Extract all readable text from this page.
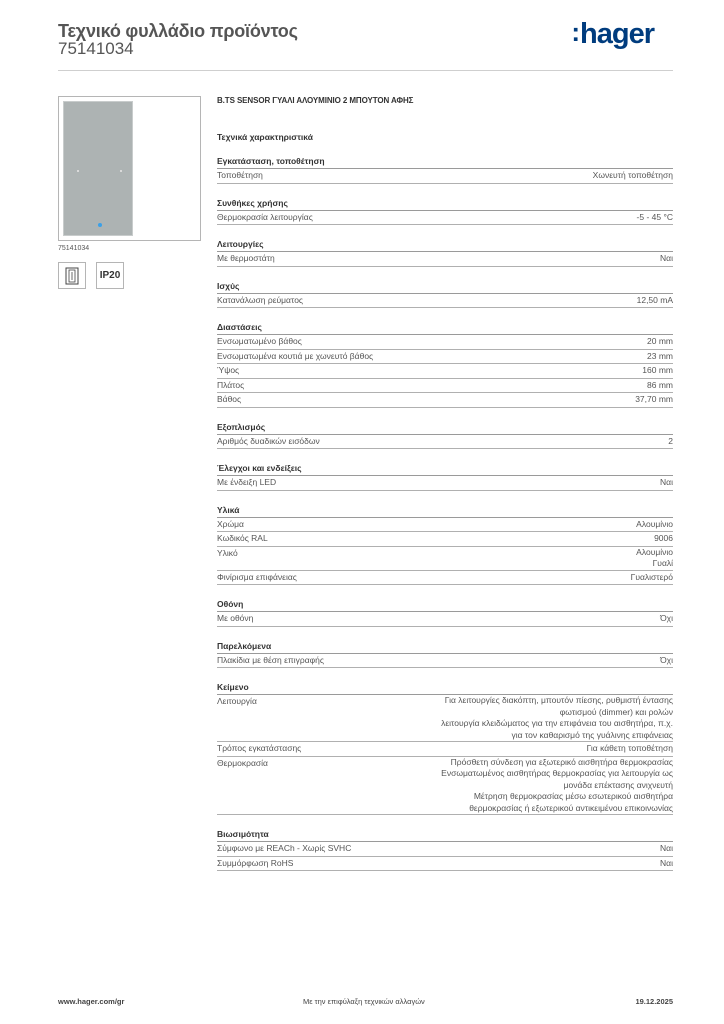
Τεχνικό φυλλάδιο προϊόντος
75141034
:hager
75141034
IP20
B.TS SENSOR ΓΥΑΛΙ ΑΛΟΥΜΙΝΙΟ 2 ΜΠΟΥΤΟΝ ΑΦΗΣ
Τεχνικά χαρακτηριστικά
Εγκατάσταση, τοποθέτηση
Τοποθέτηση	Χωνευτή τοποθέτηση
Συνθήκες χρήσης
Θερμοκρασία λειτουργίας	-5 - 45 °C
Λειτουργίες
Με θερμοστάτη	Ναι
Ισχύς
Κατανάλωση ρεύματος	12,50 mA
Διαστάσεις
Ενσωματωμένο βάθος	20 mm
Ενσωματωμένα κουτιά με χωνευτό βάθος	23 mm
Ύψος	160 mm
Πλάτος	86 mm
Βάθος	37,70 mm
Εξοπλισμός
Αριθμός δυαδικών εισόδων	2
Έλεγχοι και ενδείξεις
Με ένδειξη LED	Ναι
Υλικά
Χρώμα	Αλουμίνιο
Κωδικός RAL	9006
Υλικό	Αλουμίνιο
Γυαλί
Φινίρισμα επιφάνειας	Γυαλιστερό
Οθόνη
Με οθόνη	Όχι
Παρελκόμενα
Πλακίδια με θέση επιγραφής	Όχι
Κείμενο
Λειτουργία	Για λειτουργίες διακόπτη, μπουτόν πίεσης, ρυθμιστή έντασης
φωτισμού (dimmer) και ρολών
λειτουργία κλειδώματος για την επιφάνεια του αισθητήρα, π.χ.
για τον καθαρισμό της γυάλινης επιφάνειας
Τρόπος εγκατάστασης	Για κάθετη τοποθέτηση
Θερμοκρασία	Πρόσθετη σύνδεση για εξωτερικό αισθητήρα θερμοκρασίας
Ενσωματωμένος αισθητήρας θερμοκρασίας για λειτουργία ως
μονάδα επέκτασης ανιχνευτή
Μέτρηση θερμοκρασίας μέσω εσωτερικού αισθητήρα
θερμοκρασίας ή εξωτερικού αντικειμένου επικοινωνίας
Βιωσιμότητα
Σύμφωνο με REACh - Χωρίς SVHC	Ναι
Συμμόρφωση RoHS	Ναι
www.hager.com/gr	Με την επιφύλαξη τεχνικών αλλαγών	19.12.2025
